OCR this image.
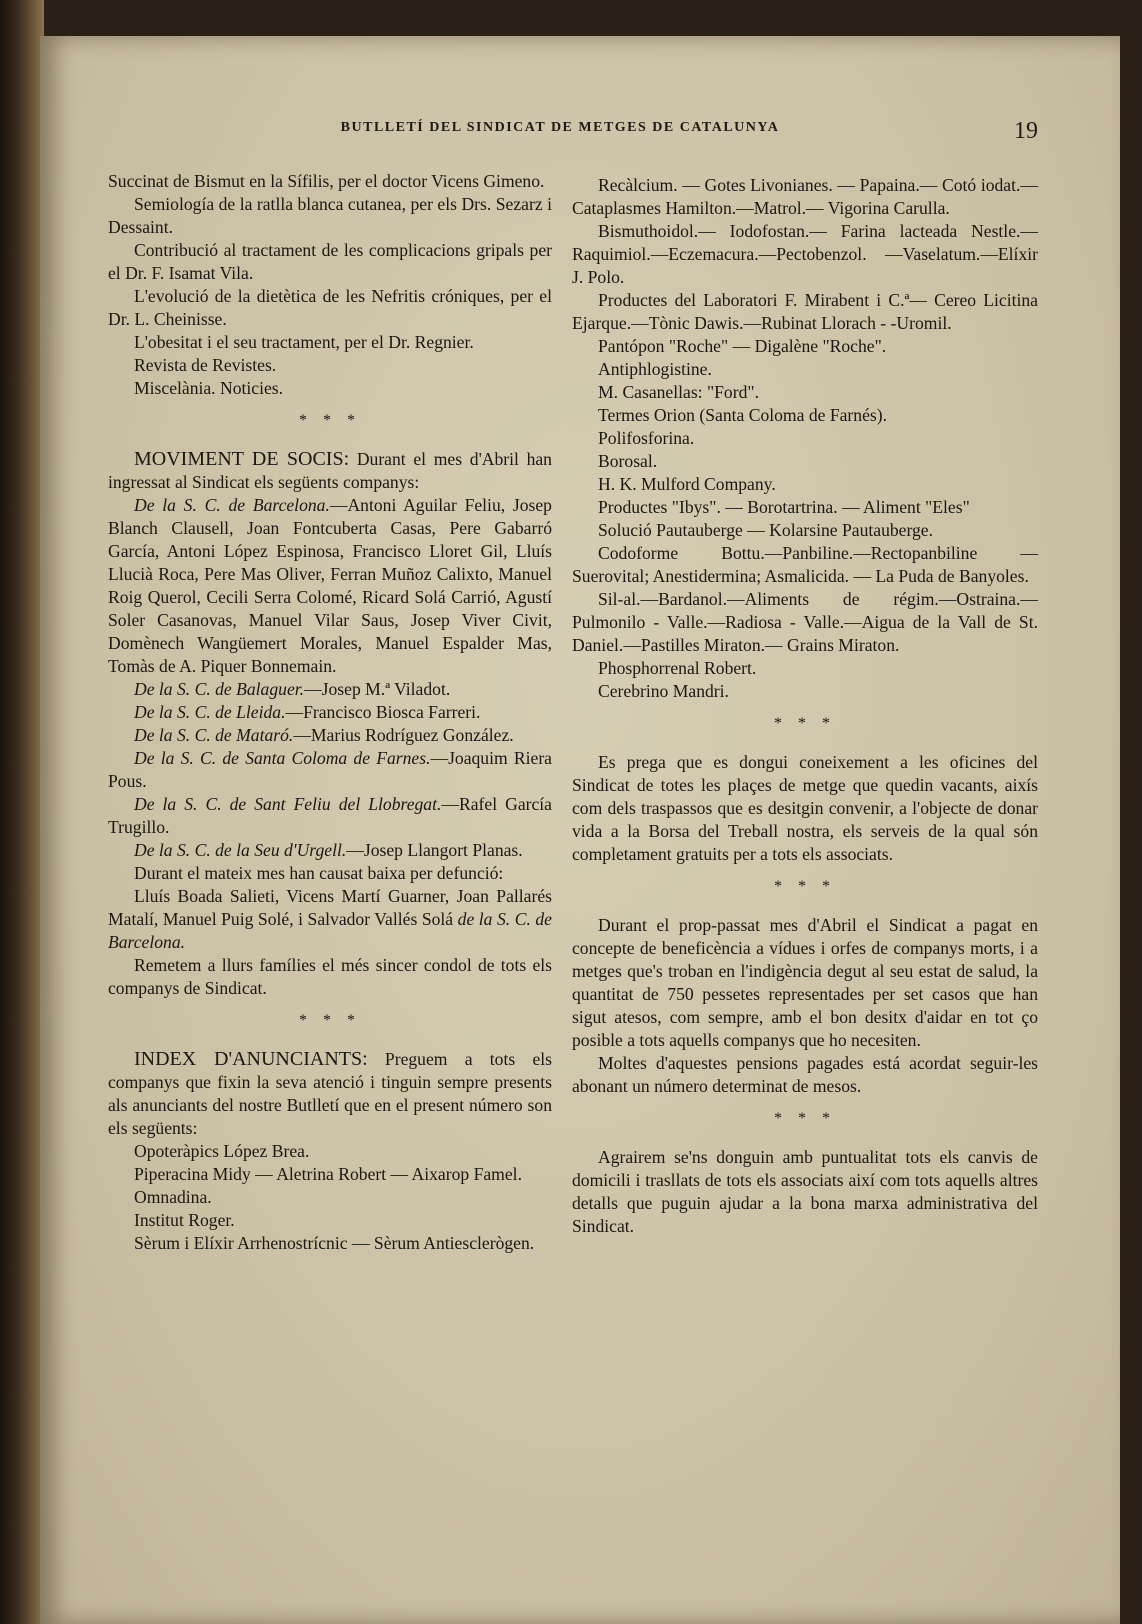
BUTLLETÍ DEL SINDICAT DE METGES DE CATALUNYA	19

Succinat de Bismut en la Sífilis, per el doctor Vicens Gimeno.

Semiología de la ratlla blanca cutanea, per els Drs. Sezarz i Dessaint.

Contribució al tractament de les complicacions gripals per el Dr. F. Isamat Vila.

L'evolució de la dietètica de les Nefritis cróniques, per el Dr. L. Cheinisse.

L'obesitat i el seu tractament, per el Dr. Regnier.

Revista de Revistes.

Miscelània. Noticies.

* * *

MOVIMENT DE SOCIS: Durant el mes d'Abril han ingressat al Sindicat els següents companys:

De la S. C. de Barcelona.—Antoni Aguilar Feliu, Josep Blanch Clausell, Joan Fontcuberta Casas, Pere Gabarró García, Antoni López Espinosa, Francisco Lloret Gil, Lluís Llucià Roca, Pere Mas Oliver, Ferran Muñoz Calixto, Manuel Roig Querol, Cecili Serra Colomé, Ricard Solá Carrió, Agustí Soler Casanovas, Manuel Vilar Saus, Josep Viver Civit, Domènech Wangüemert Morales, Manuel Espalder Mas, Tomàs de A. Piquer Bonnemain.

De la S. C. de Balaguer.—Josep M.ª Viladot.

De la S. C. de Lleida.—Francisco Biosca Farreri.

De la S. C. de Mataró.—Marius Rodríguez González.

De la S. C. de Santa Coloma de Farnes.—Joaquim Riera Pous.

De la S. C. de Sant Feliu del Llobregat.—Rafel García Trugillo.

De la S. C. de la Seu d'Urgell.—Josep Llangort Planas.

Durant el mateix mes han causat baixa per defunció:

Lluís Boada Salieti, Vicens Martí Guarner, Joan Pallarés Matalí, Manuel Puig Solé, i Salvador Vallés Solá de la S. C. de Barcelona.

Remetem a llurs famílies el més sincer condol de tots els companys de Sindicat.

* * *

INDEX D'ANUNCIANTS: Preguem a tots els companys que fixin la seva atenció i tinguin sempre presents als anunciants del nostre Butlletí que en el present número son els següents:

Opoteràpics López Brea.

Piperacina Midy — Aletrina Robert — Aixarop Famel.

Omnadina.

Institut Roger.

Sèrum i Elíxir Arrhenostrícnic — Sèrum Antiesclerògen.

Recàlcium. — Gotes Livonianes. — Papaina.— Cotó iodat.—Cataplasmes Hamilton.—Matrol.— Vigorina Carulla.

Bismuthoidol.— Iodofostan.— Farina lacteada Nestle.—Raquimiol.—Eczemacura.—Pectobenzol. —Vaselatum.—Elíxir J. Polo.

Productes del Laboratori F. Mirabent i C.ª— Cereo Licitina Ejarque.—Tònic Dawis.—Rubinat Llorach - -Uromil.

Pantópon "Roche" — Digalène "Roche".

Antiphlogistine.

M. Casanellas: "Ford".

Termes Orion (Santa Coloma de Farnés).

Polifosforina.

Borosal.

H. K. Mulford Company.

Productes "Ibys". — Borotartrina. — Aliment "Eles"

Solució Pautauberge — Kolarsine Pautauberge.

Codoforme Bottu.—Panbiline.—Rectopanbiline — Suerovital; Anestidermina; Asmalicida. — La Puda de Banyoles.

Sil-al.—Bardanol.—Aliments de régim.—Ostraina.—Pulmonilo - Valle.—Radiosa - Valle.—Aigua de la Vall de St. Daniel.—Pastilles Miraton.— Grains Miraton.

Phosphorrenal Robert.

Cerebrino Mandri.

* * *

Es prega que es dongui coneixement a les oficines del Sindicat de totes les plaçes de metge que quedin vacants, aixís com dels traspassos que es desitgin convenir, a l'objecte de donar vida a la Borsa del Treball nostra, els serveis de la qual són completament gratuits per a tots els associats.

* * *

Durant el prop-passat mes d'Abril el Sindicat a pagat en concepte de beneficència a vídues i orfes de companys morts, i a metges que's troban en l'indigència degut al seu estat de salud, la quantitat de 750 pessetes representades per set casos que han sigut atesos, com sempre, amb el bon desitx d'aidar en tot ço posible a tots aquells companys que ho necesiten.

Moltes d'aquestes pensions pagades está acordat seguir-les abonant un número determinat de mesos.

* * *

Agrairem se'ns donguin amb puntualitat tots els canvis de domicili i trasllats de tots els associats així com tots aquells altres detalls que puguin ajudar a la bona marxa administrativa del Sindicat.
